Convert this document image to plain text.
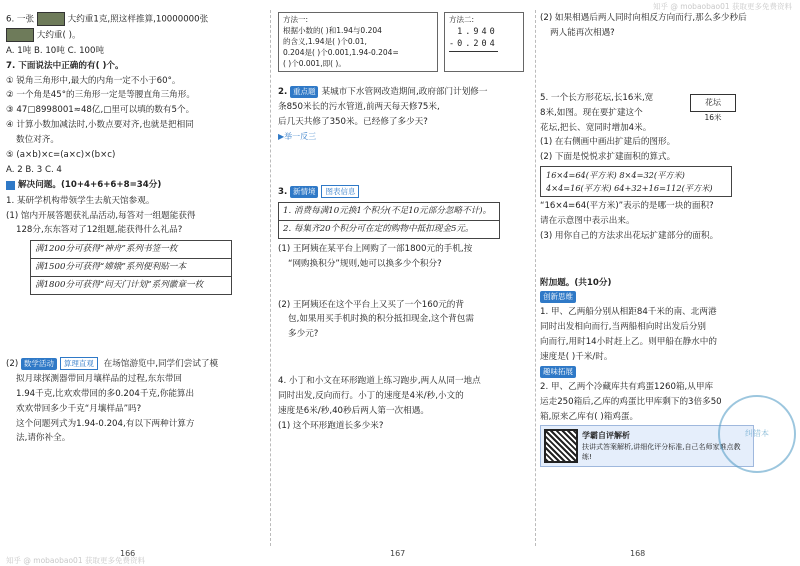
知乎 @ mobaobao01 获取更多免费资料
知乎 @ mobaobao01 获取更多免费资料
6. 一张	大约重1克,照这样推算,10000000张
大约重( )。
A. 1吨 B. 10吨 C. 100吨
7. 下面说法中正确的有( )个。
① 锐角三角形中,最大的内角一定不小于60°。
② 一个角是45°的三角形一定是等腰直角三角形。
③ 47□8998001≈48亿,□里可以填的数有5个。
④ 计算小数加减法时,小数点要对齐,也就是把相同
数位对齐。
⑤ (a×b)×c=(a×c)×(b×c)
A. 2 B. 3 C. 4
解决问题。(10+4+6+6+8=34分)
1. 某研学机构带领学生去航天馆参观。
(1) 馆内开展答题获礼品活动,每答对一组题能获得
128分,东东答对了12组题,能获得什么礼品?
满1200分可获得“神舟”系列书签一枚
满1500分可获得“嫦娥”系列便利贴一本
满1800分可获得“问天门计划”系列徽章一枚
(2) 数学活动 算理直观 在场馆游览中,同学们尝试了模
拟月球探测器带回月壤样品的过程,东东带回
1.94千克,比欢欢带回的多0.204千克,你能算出
欢欢带回多少千克“月壤样品”吗?
这个问题列式为1.94-0.204,有以下两种计算方
法,请你补全。
166
方法一:
根据小数的( )和1.94与0.204
的含义,1.94是( )个0.01,
0.204是( )个0.001,1.94-0.204=
( )个0.001,即( )。
方法二:
1.940
-0.204
2. 重点题 某城市下水管网改造期间,政府部门计划修一
条850米长的污水管道,前两天每天修75米,
后几天共修了350米。已经修了多少天?
▶举一反三
3. 新情境 图表信息
1. 消费每满10元换1个积分(不足10元部分忽略不计)。
2. 每集齐20个积分可在定的购物中抵扣现金5元。
(1) 王阿姨在某平台上网购了一部1800元的手机,按
“网购换积分”规则,她可以换多少个积分?
(2) 王阿姨还在这个平台上又买了一个160元的背
包,如果用买手机时换的积分抵扣现金,这个背包需
多少元?
4. 小丁和小文在环形跑道上练习跑步,两人从同一地点
同时出发,反向而行。小丁的速度是4米/秒,小文的
速度是6米/秒,40秒后两人第一次相遇。
(1) 这个环形跑道长多少米?
167
(2) 如果相遇后两人同时向相反方向而行,那么多少秒后
两人能再次相遇?
5. 一个长方形花坛,长16米,宽
8米,如图。现在要扩建这个
花坛,把长、宽同时增加4米。
花坛
16米
(1) 在右侧画中画出扩建后的图形。
(2) 下面是悦悦求扩建面积的算式。
16×4=64(平方米) 8×4=32(平方米)
4×4=16(平方米) 64+32+16=112(平方米)
“16×4=64(平方米)”表示的是哪一块的面积?
请在示意图中表示出来。
(3) 用你自己的方法求出花坛扩建部分的面积。
附加题。(共10分)
创新思维
1. 甲、乙两船分别从相距84千米的南、北两港
同时出发相向而行,当两船相向时出发后分别
向而行,用时14小时赶上乙。则甲船在静水中的
速度是( )千米/时。
趣味拓展
2. 甲、乙两个冷藏库共有鸡蛋1260箱,从甲库
运走250箱后,乙库的鸡蛋比甲库剩下的3倍多50
箱,原来乙库有( )箱鸡蛋。
学霸自评解析
扶讲式答案解析,讲细化评分标准,自己名师家难点教练!
纠错本
168
